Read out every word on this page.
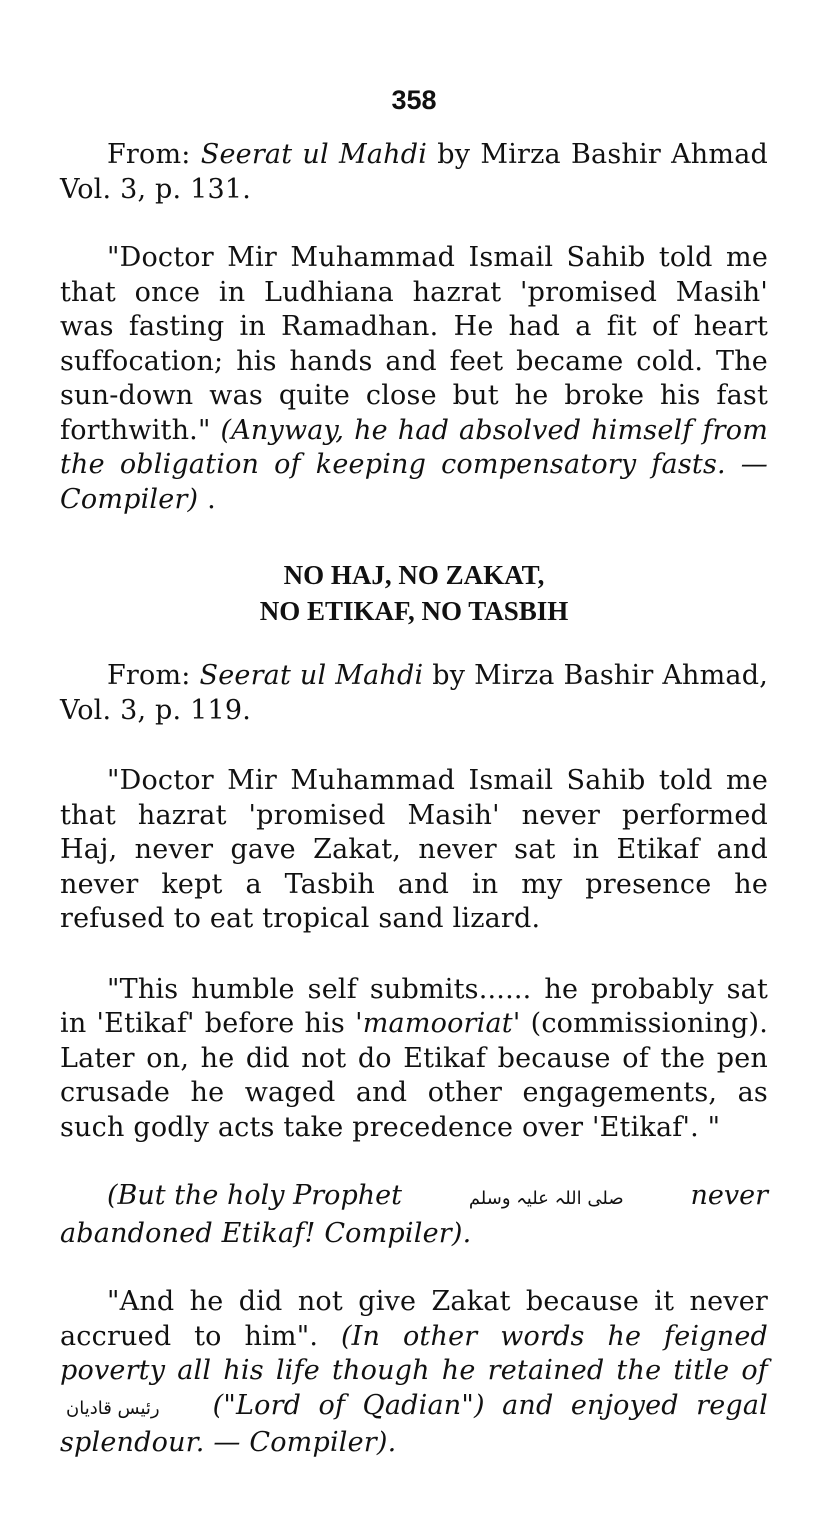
358

From: Seerat ul Mahdi by Mirza Bashir Ahmad Vol. 3, p. 131.

"Doctor Mir Muhammad Ismail Sahib told me that once in Ludhiana hazrat 'promised Masih' was fasting in Ramadhan. He had a fit of heart suffocation; his hands and feet became cold. The sun-down was quite close but he broke his fast forthwith." (Anyway, he had absolved himself from the obligation of keeping compensatory fasts. — Compiler) .

NO HAJ, NO ZAKAT,
NO ETIKAF, NO TASBIH

From: Seerat ul Mahdi by Mirza Bashir Ahmad, Vol. 3, p. 119.

"Doctor Mir Muhammad Ismail Sahib told me that hazrat 'promised Masih' never performed Haj, never gave Zakat, never sat in Etikaf and never kept a Tasbih and in my presence he refused to eat tropical sand lizard.

"This humble self submits...... he probably sat in 'Etikaf' before his 'mamooriat' (commissioning). Later on, he did not do Etikaf because of the pen crusade he waged and other engagements, as such godly acts take precedence over 'Etikaf'. "

(But the holy Prophet	صلی اللہ علیہ وسلم never

abandoned Etikaf! Compiler).

"And he did not give Zakat because it never accrued to him". (In other words he feigned poverty all his life though he retained the title ofرئیس قادیان ("Lord of Qadian") and enjoyed regal splendour. — Compiler).
